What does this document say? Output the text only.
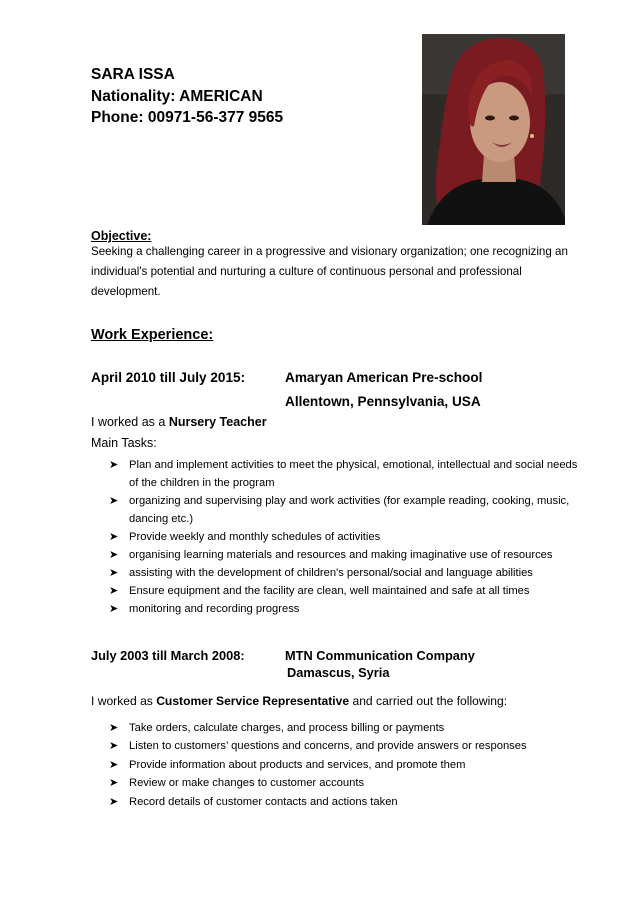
SARA ISSA
Nationality: AMERICAN
Phone: 00971-56-377 9565
Objective:
Seeking a challenging career in a progressive and visionary organization; one recognizing an individual's potential and nurturing a culture of continuous personal and professional development.
Work Experience:
April 2010 till July 2015:	Amaryan American Pre-school
Allentown, Pennsylvania, USA
I worked as a Nursery Teacher
Main Tasks:
➤ Plan and implement activities to meet the physical, emotional, intellectual and social needs of the children in the program
➤ organizing and supervising play and work activities (for example reading, cooking, music, dancing etc.)
➤ Provide weekly and monthly schedules of activities
➤ organising learning materials and resources and making imaginative use of resources
➤ assisting with the development of children's personal/social and language abilities
➤ Ensure equipment and the facility are clean, well maintained and safe at all times
➤ monitoring and recording progress
July 2003 till March 2008:	MTN Communication Company
Damascus, Syria
I worked as Customer Service Representative and carried out the following:
➤ Take orders, calculate charges, and process billing or payments
➤ Listen to customers’ questions and concerns, and provide answers or responses
➤ Provide information about products and services, and promote them
➤ Review or make changes to customer accounts
➤ Record details of customer contacts and actions taken
